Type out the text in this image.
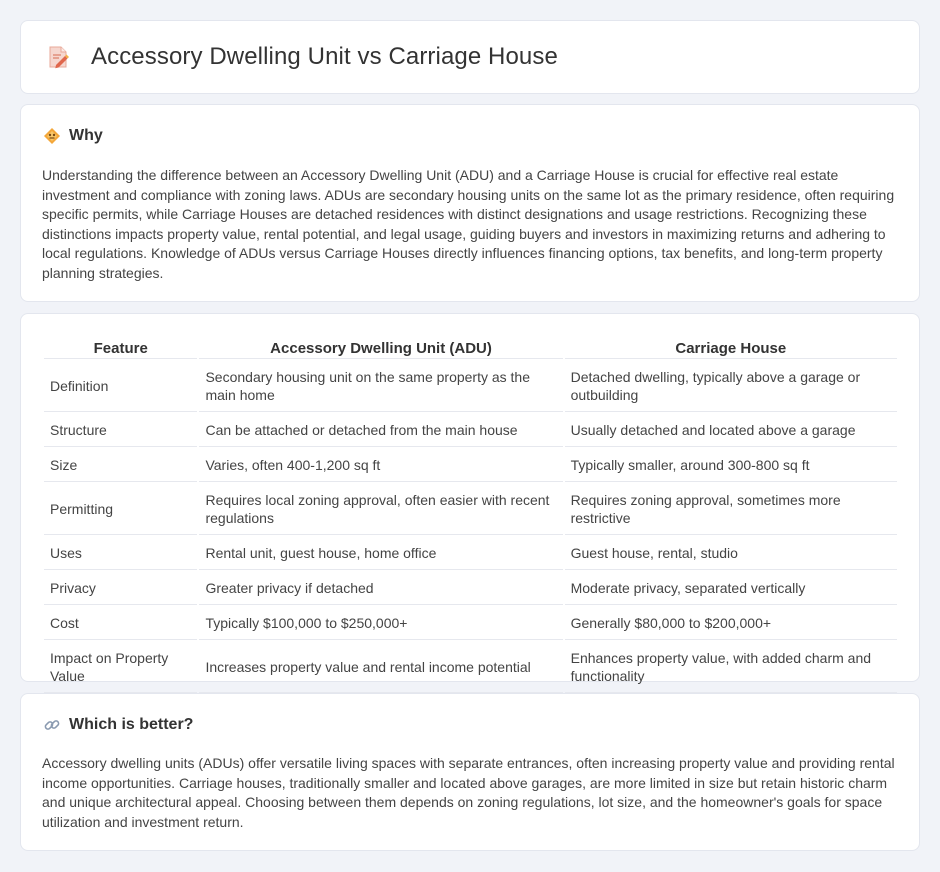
Accessory Dwelling Unit vs Carriage House
Why

Understanding the difference between an Accessory Dwelling Unit (ADU) and a Carriage House is crucial for effective real estate investment and compliance with zoning laws. ADUs are secondary housing units on the same lot as the primary residence, often requiring specific permits, while Carriage Houses are detached residences with distinct designations and usage restrictions. Recognizing these distinctions impacts property value, rental potential, and legal usage, guiding buyers and investors in maximizing returns and adhering to local regulations. Knowledge of ADUs versus Carriage Houses directly influences financing options, tax benefits, and long-term property planning strategies.

Feature	Accessory Dwelling Unit (ADU)	Carriage House
Definition	Secondary housing unit on the same property as the main home	Detached dwelling, typically above a garage or outbuilding
Structure	Can be attached or detached from the main house	Usually detached and located above a garage
Size	Varies, often 400-1,200 sq ft	Typically smaller, around 300-800 sq ft
Permitting	Requires local zoning approval, often easier with recent regulations	Requires zoning approval, sometimes more restrictive
Uses	Rental unit, guest house, home office	Guest house, rental, studio
Privacy	Greater privacy if detached	Moderate privacy, separated vertically
Cost	Typically $100,000 to $250,000+	Generally $80,000 to $200,000+
Impact on Property Value	Increases property value and rental income potential	Enhances property value, with added charm and functionality
Which is better?

Accessory dwelling units (ADUs) offer versatile living spaces with separate entrances, often increasing property value and providing rental income opportunities. Carriage houses, traditionally smaller and located above garages, are more limited in size but retain historic charm and unique architectural appeal. Choosing between them depends on zoning regulations, lot size, and the homeowner's goals for space utilization and investment return.
